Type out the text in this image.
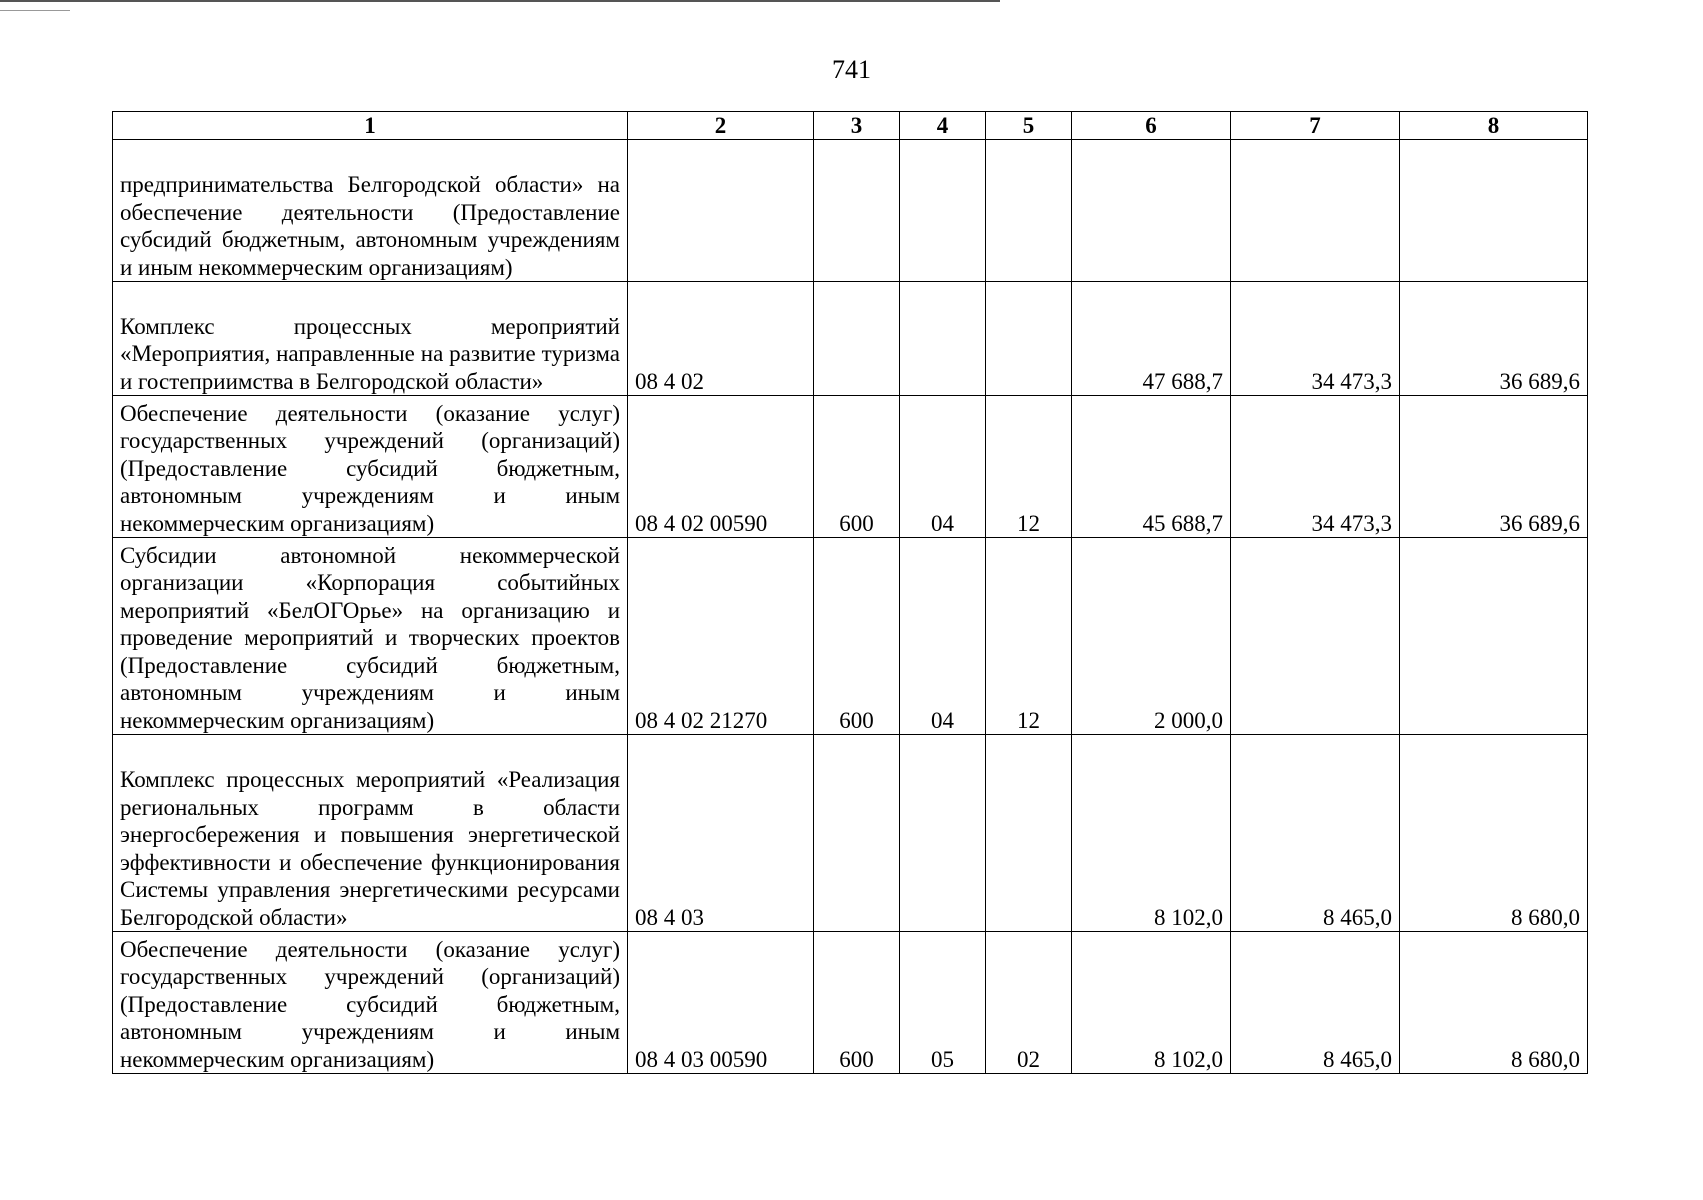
741
1	2	3	4	5	6	7	8
предпринимательства Белгородской области» на обеспечение деятельности (Предоставление субсидий бюджетным, автономным учреждениям и иным некоммерческим организациям)							
Комплекс процессных мероприятий «Мероприятия, направленные на развитие туризма и гостеприимства в Белгородской области»	08 4 02				47 688,7	34 473,3	36 689,6
Обеспечение деятельности (оказание услуг) государственных учреждений (организаций) (Предоставление субсидий бюджетным, автономным учреждениям и иным некоммерческим организациям)	08 4 02 00590	600	04	12	45 688,7	34 473,3	36 689,6
Субсидии автономной некоммерческой организации «Корпорация событийных мероприятий «БелОГОрье» на организацию и проведение мероприятий и творческих проектов (Предоставление субсидий бюджетным, автономным учреждениям и иным некоммерческим организациям)	08 4 02 21270	600	04	12	2 000,0		
Комплекс процессных мероприятий «Реализация региональных программ в области энергосбережения и повышения энергетической эффективности и обеспечение функционирования Системы управления энергетическими ресурсами Белгородской области»	08 4 03				8 102,0	8 465,0	8 680,0
Обеспечение деятельности (оказание услуг) государственных учреждений (организаций) (Предоставление субсидий бюджетным, автономным учреждениям и иным некоммерческим организациям)	08 4 03 00590	600	05	02	8 102,0	8 465,0	8 680,0
